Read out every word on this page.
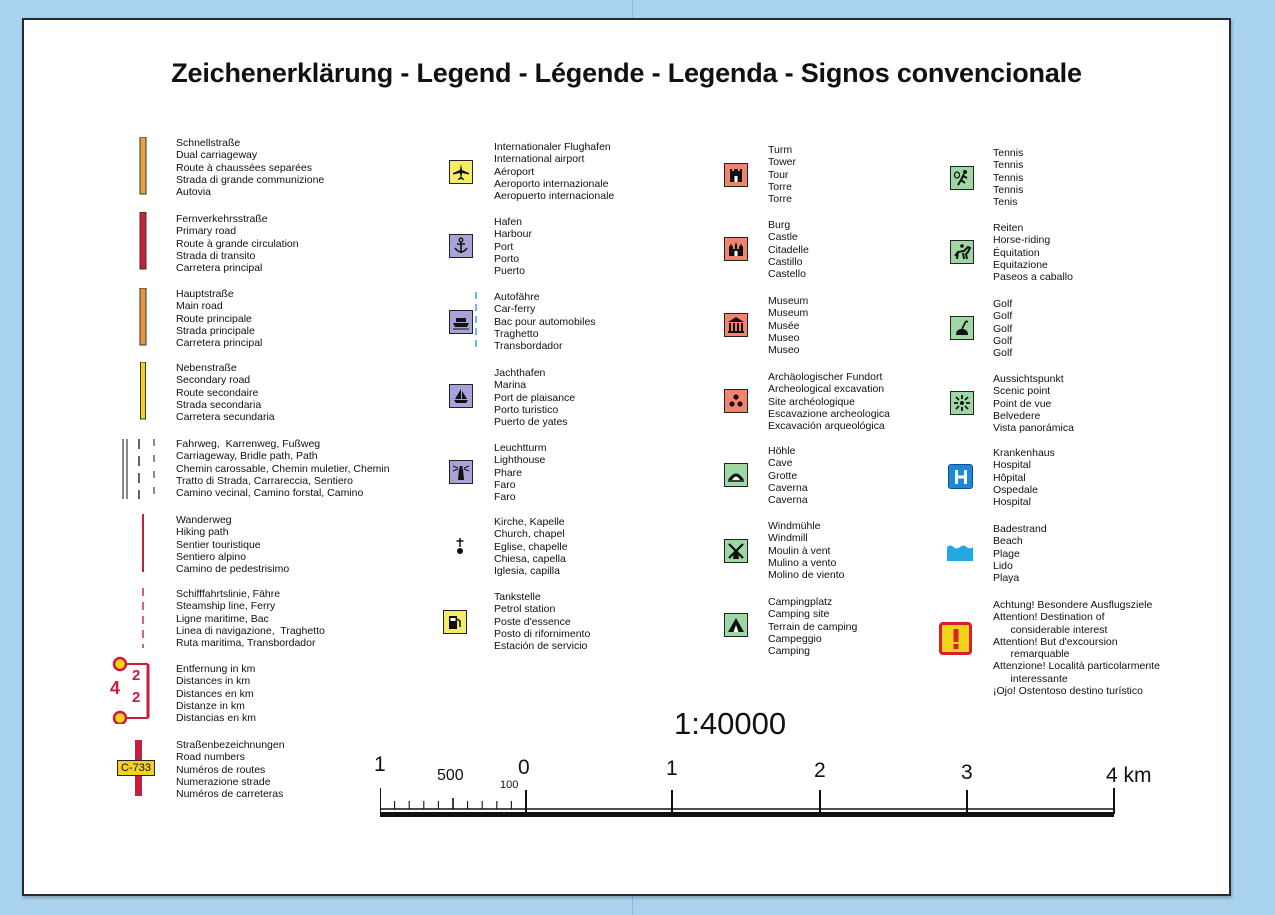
Zeichenerklärung - Legend - Légende - Legenda - Signos convencionale
Schnellstraße
Dual carriageway
Route à chaussées separées
Strada di grande communizione
Autovia
Fernverkehrsstraße
Primary road
Route à grande circulation
Strada di transito
Carretera principal
Hauptstraße
Main road
Route principale
Strada principale
Carretera principal
Nebenstraße
Secondary road
Route secondaire
Strada secondaria
Carretera secundaria
Fahrweg,  Karrenweg, Fußweg
Carriageway, Bridle path, Path
Chemin carossable, Chemin muletier, Chemin
Tratto di Strada, Carrareccia, Sentiero
Camino vecinal, Camino forstal, Camino
Wanderweg
Hiking path
Sentier touristique
Sentiero alpino
Camino de pedestrisimo
Schifffahrtslinie, Fähre
Steamship line, Ferry
Ligne maritime, Bac
Linea di navigazione,  Traghetto
Ruta maritima, Transbordador
Entfernung in km
Distances in km
Distances en km
Distanze in km
Distancias en km
Straßenbezeichnungen
Road numbers
Numéros de routes
Numerazione strade
Numéros de carreteras
4
2
2
C-733
Internationaler Flughafen
International airport
Aéroport
Aeroporto internazionale
Aeropuerto internacionale
Hafen
Harbour
Port
Porto
Puerto
Autofähre
Car-ferry
Bac pour automobiles
Traghetto
Transbordador
Jachthafen
Marina
Port de plaisance
Porto turistico
Puerto de yates
Leuchtturm
Lighthouse
Phare
Faro
Faro
Kirche, Kapelle
Church, chapel
Eglise, chapelle
Chiesa, capella
Iglesia, capilla
Tankstelle
Petrol station
Poste d'essence
Posto di rifornimento
Estación de servicio
Turm
Tower
Tour
Torre
Torre
Burg
Castle
Citadelle
Castillo
Castello
Museum
Museum
Musée
Museo
Museo
Archäologischer Fundort
Archeological excavation
Site archéologique
Escavazione archeologica
Excavación arqueológica
Höhle
Cave
Grotte
Caverna
Caverna
Windmühle
Windmill
Moulin à vent
Mulino a vento
Molino de viento
Campingplatz
Camping site
Terrain de camping
Campeggio
Camping
Tennis
Tennis
Tennis
Tennis
Tenis
Reiten
Horse-riding
Équitation
Equitazione
Paseos a caballo
Golf
Golf
Golf
Golf
Golf
Aussichtspunkt
Scenic point
Point de vue
Belvedere
Vista panorámica
Krankenhaus
Hospital
Hôpital
Ospedale
Hospital
Badestrand
Beach
Plage
Lido
Playa
Achtung! Besondere Ausflugsziele
Attention! Destination of
considerable interest
Attention! But d'excoursion
remarquable
Attenzione! Località particolarmente
interessante
¡Ojo! Ostentoso destino turístico
1:40000
1	500
100
0	1	2	3	4 km
